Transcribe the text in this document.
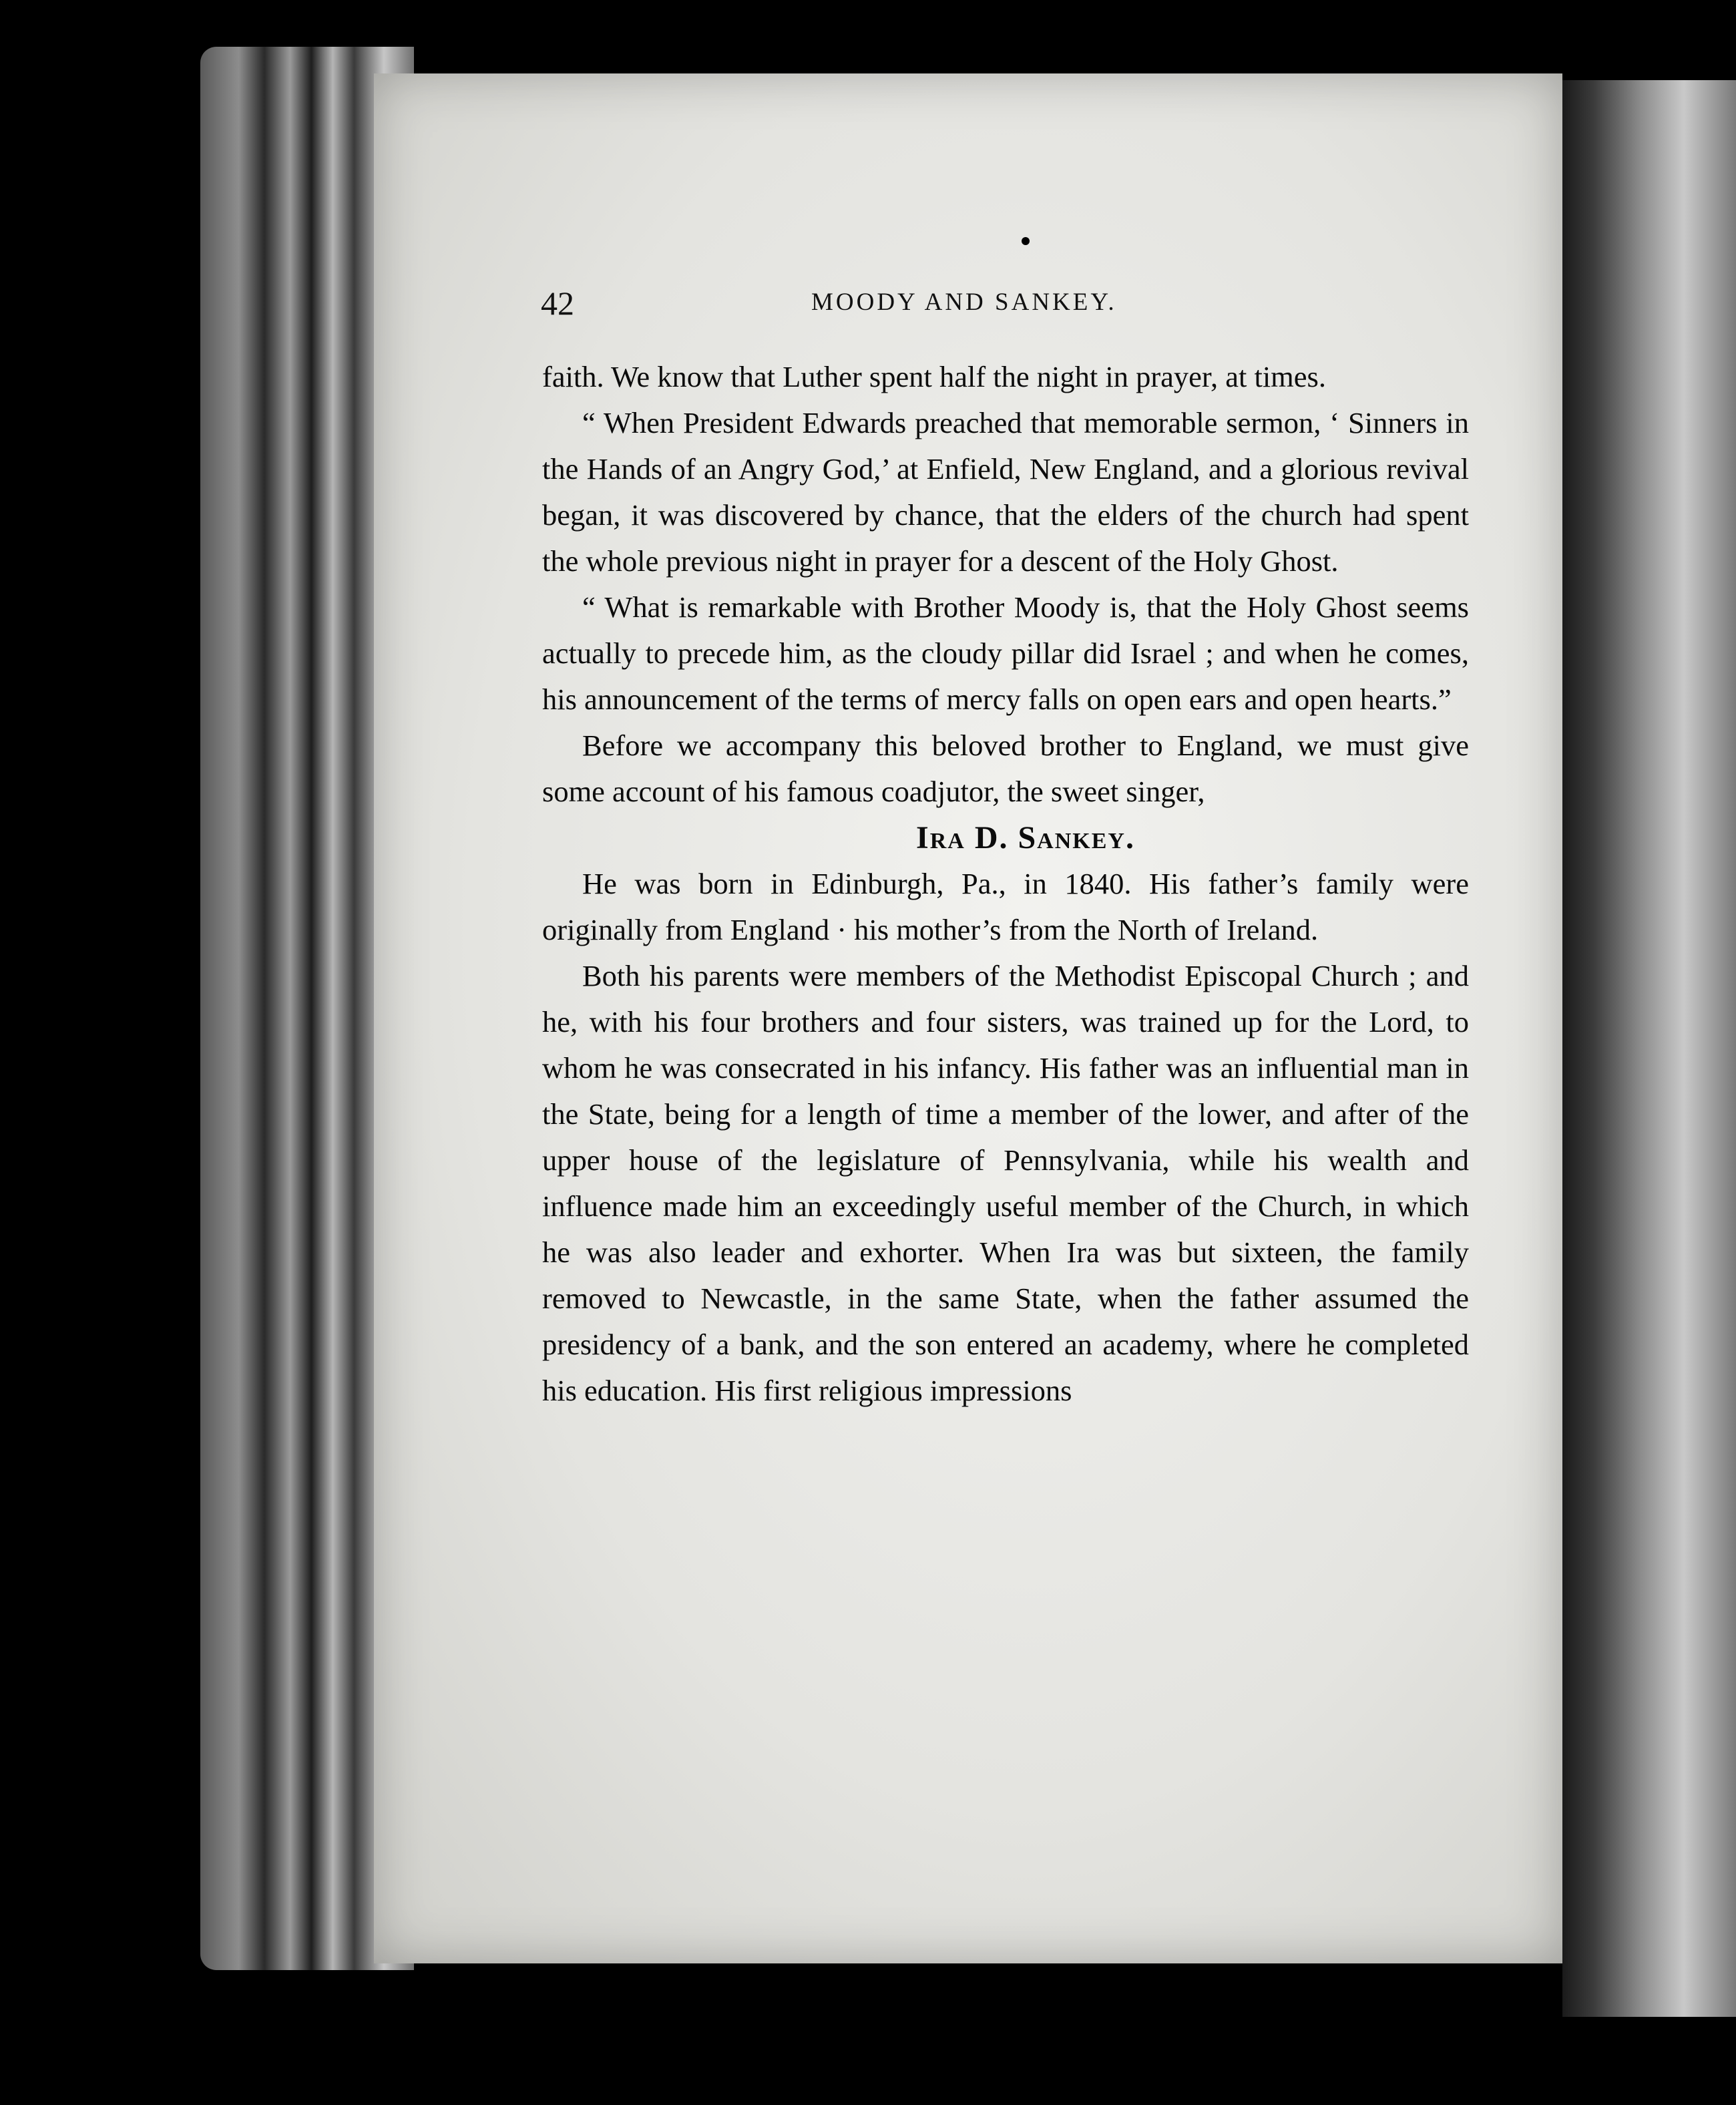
42	MOODY AND SANKEY.

faith. We know that Luther spent half the night in prayer, at times.

“ When President Edwards preached that memorable sermon, ‘ Sinners in the Hands of an Angry God,’ at Enfield, New England, and a glorious revival began, it was discovered by chance, that the elders of the church had spent the whole previous night in prayer for a descent of the Holy Ghost.

“ What is remarkable with Brother Moody is, that the Holy Ghost seems actually to precede him, as the cloudy pillar did Israel ; and when he comes, his announcement of the terms of mercy falls on open ears and open hearts.”

Before we accompany this beloved brother to England, we must give some account of his famous coadjutor, the sweet singer,

Ira D. Sankey.

He was born in Edinburgh, Pa., in 1840. His father’s family were originally from England · his mother’s from the North of Ireland.

Both his parents were members of the Methodist Episcopal Church ; and he, with his four brothers and four sisters, was trained up for the Lord, to whom he was consecrated in his infancy. His father was an influential man in the State, being for a length of time a member of the lower, and after of the upper house of the legislature of Pennsylvania, while his wealth and influence made him an exceedingly useful member of the Church, in which he was also leader and exhorter. When Ira was but sixteen, the family removed to Newcastle, in the same State, when the father assumed the presidency of a bank, and the son entered an academy, where he completed his education. His first religious impressions
